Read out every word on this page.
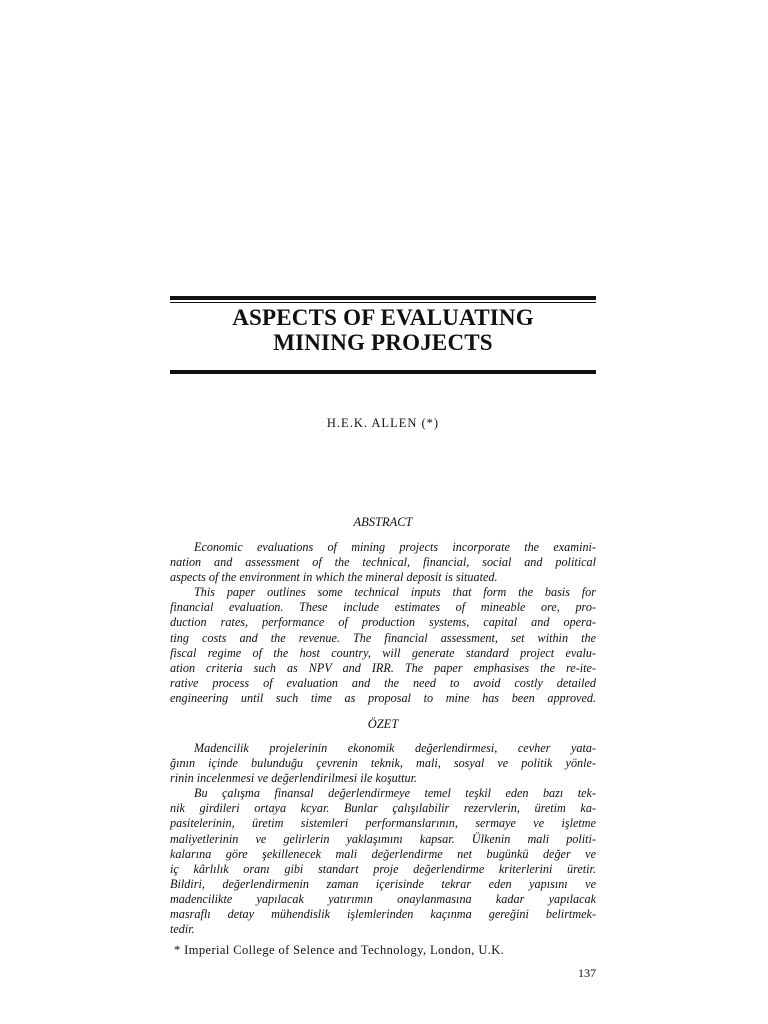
ASPECTS OF EVALUATING
MINING PROJECTS
H.E.K. ALLEN (*)
ABSTRACT

Economic evaluations of mining projects incorporate the examini-

nation and assessment of the technical, financial, social and political

aspects of the environment in which the mineral deposit is situated.

This paper outlines some technical inputs that form the basis for

financial evaluation. These include estimates of mineable ore, pro-

duction rates, performance of production systems, capital and opera-

ting costs and the revenue. The financial assessment, set within the

fiscal regime of the host country, will generate standard project evalu-

ation criteria such as NPV and IRR. The paper emphasises the re-ite-

rative process of evaluation and the need to avoid costly detailed

engineering until such time as proposal to mine has been approved.

ÖZET

Madencilik projelerinin ekonomik değerlendirmesi, cevher yata-

ğının içinde bulunduğu çevrenin teknik, mali, sosyal ve politik yönle-

rinin incelenmesi ve değerlendirilmesi ile koşuttur.

Bu çalışma finansal değerlendirmeye temel teşkil eden bazı tek-

nik girdileri ortaya kcyar. Bunlar çalışılabilir rezervlerin, üretim ka-

pasitelerinin, üretim sistemleri performanslarının, sermaye ve işletme

maliyetlerinin ve gelirlerin yaklaşımını kapsar. Ülkenin mali politi-

kalarına göre şekillenecek mali değerlendirme net bugünkü değer ve

iç kârlılık oranı gibi standart proje değerlendirme kriterlerini üretir.

Bildiri, değerlendirmenin zaman içerisinde tekrar eden yapısını ve

madencilikte yapılacak yatırımın onaylanmasına kadar yapılacak

masraflı detay mühendislik işlemlerinden kaçınma gereğini belirtmek-

tedir.

* Imperial College of Selence and Technology, London, U.K.
137
